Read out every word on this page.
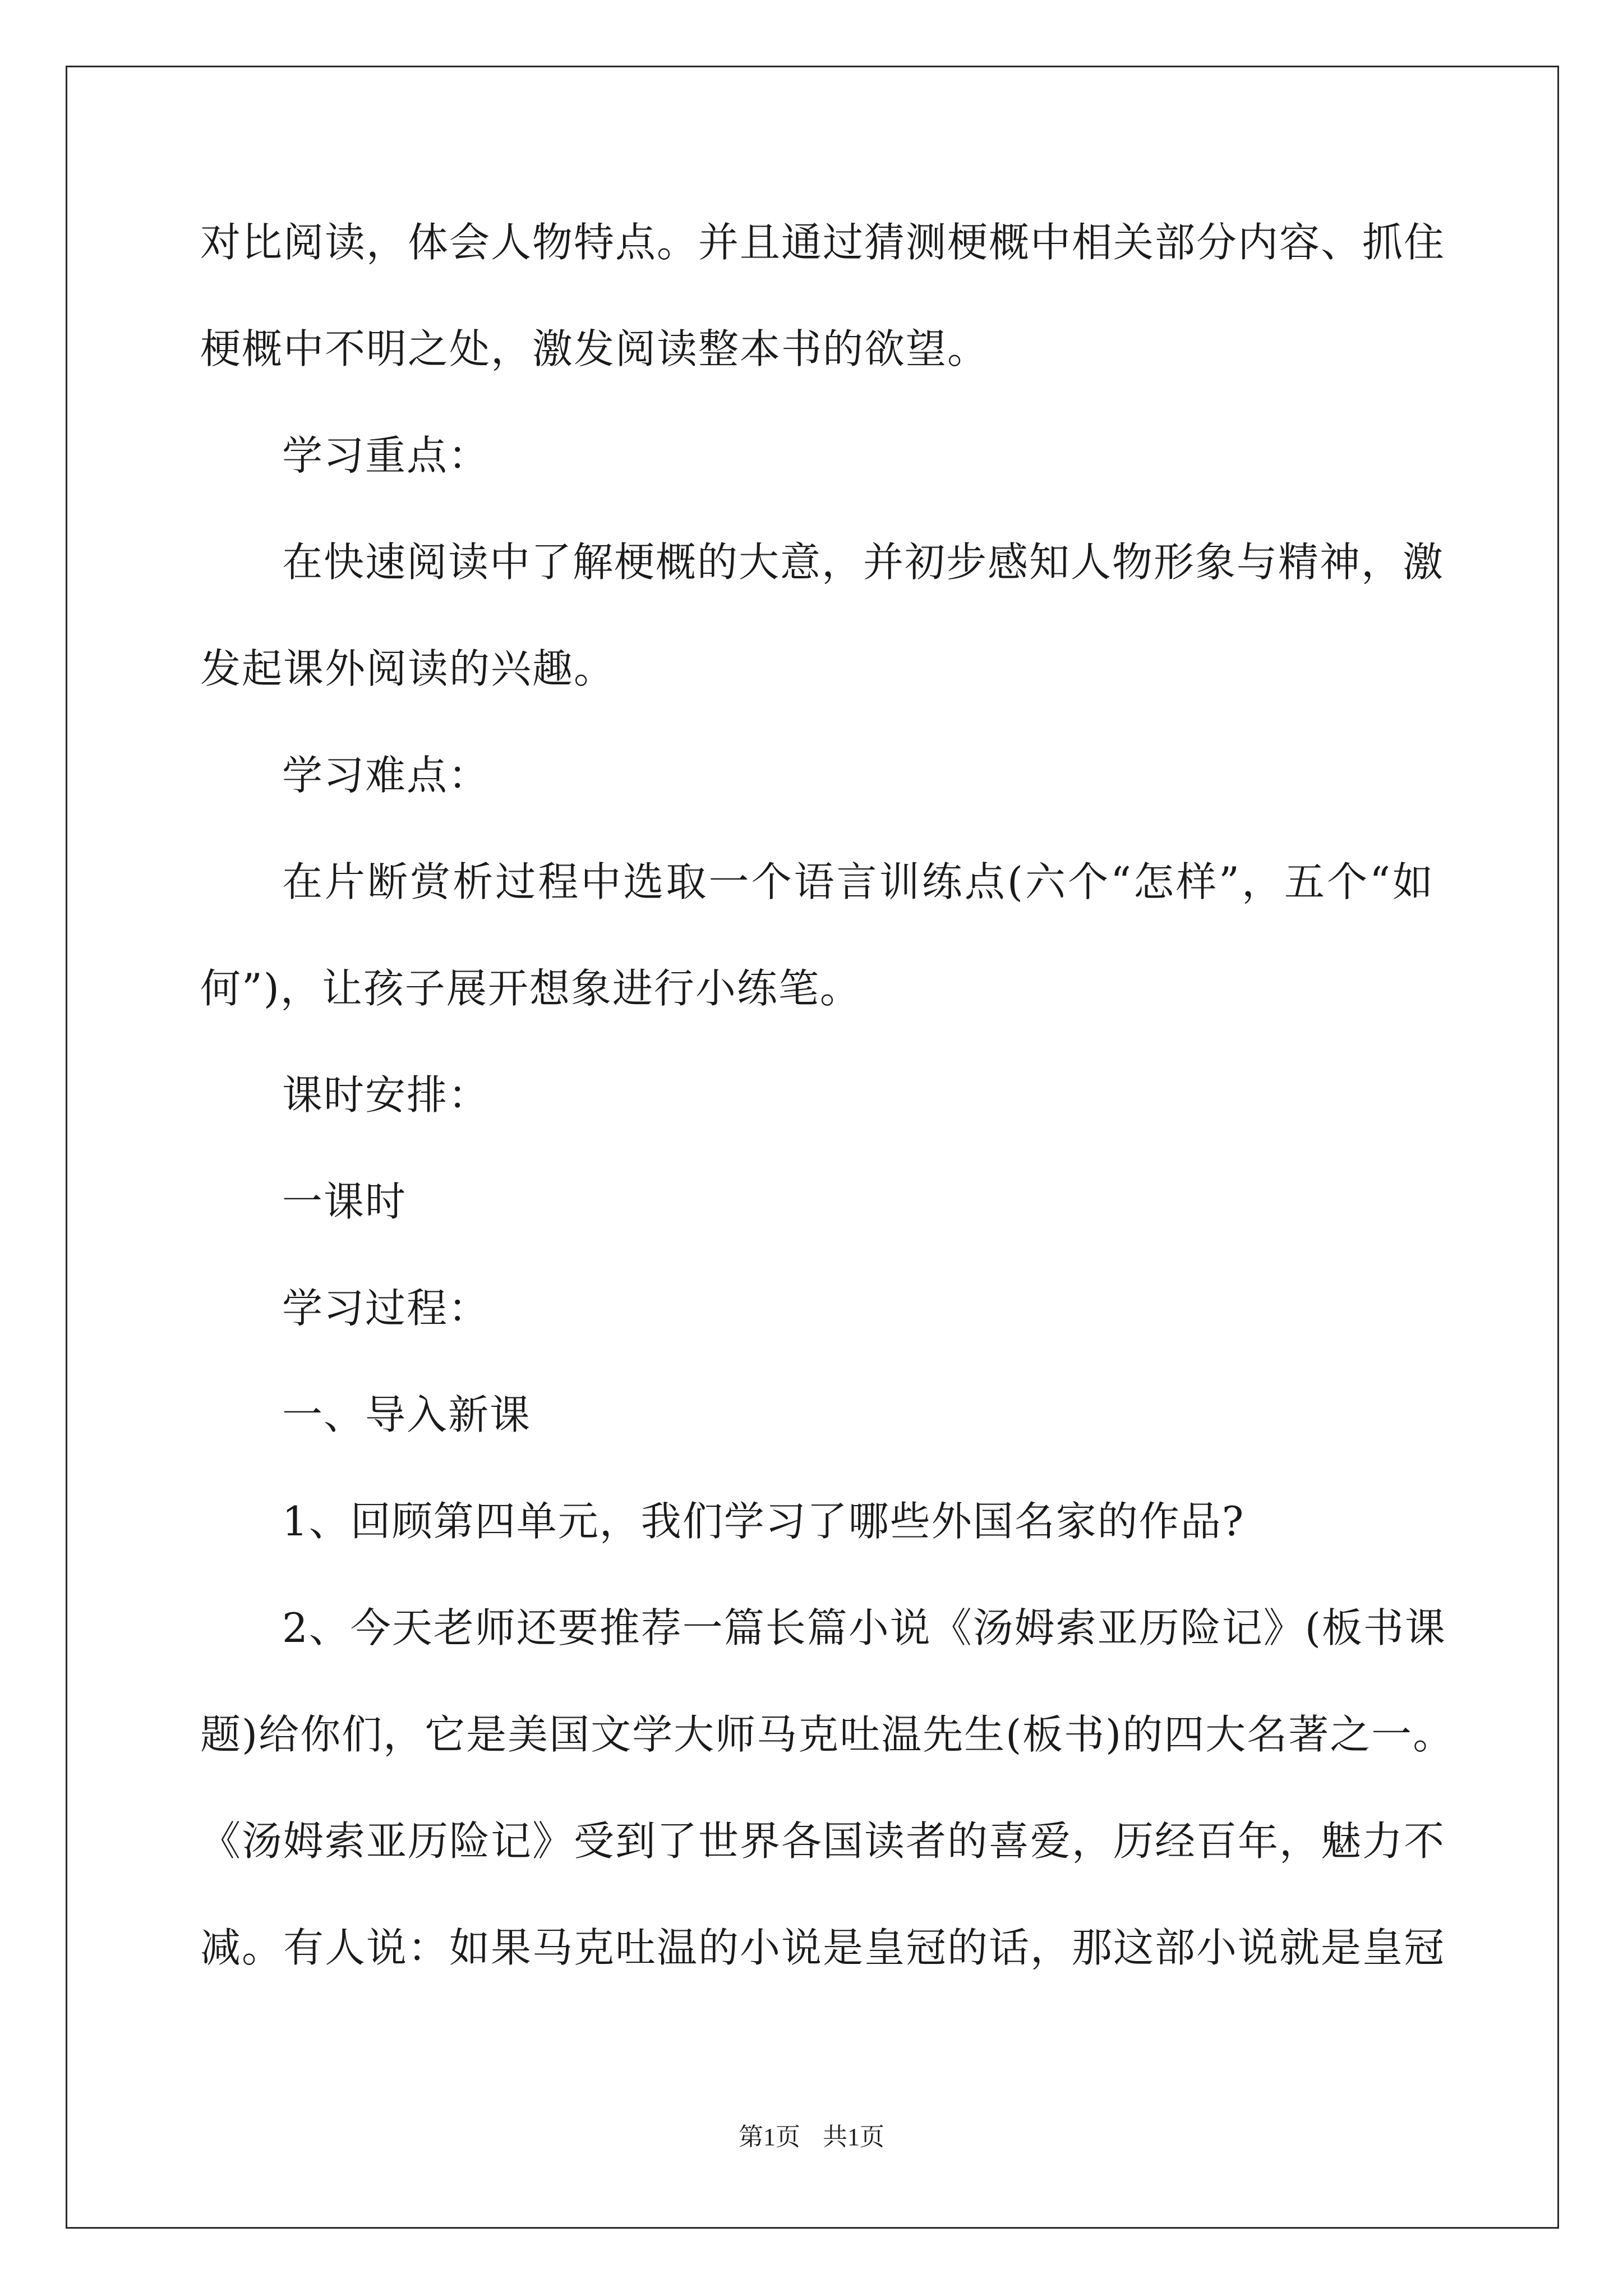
对比阅读，体会人物特点。并且通过猜测梗概中相关部分内容、抓住
梗概中不明之处，激发阅读整本书的欲望。
学习重点：
在快速阅读中了解梗概的大意，并初步感知人物形象与精神，激
发起课外阅读的兴趣。
学习难点：
在片断赏析过程中选取一个语言训练点(六个“怎样”，五个“如
何”)，让孩子展开想象进行小练笔。
课时安排：
一课时
学习过程：
一、导入新课
1、回顾第四单元，我们学习了哪些外国名家的作品?
2、今天老师还要推荐一篇长篇小说《汤姆索亚历险记》(板书课
题)给你们，它是美国文学大师马克吐温先生(板书)的四大名著之一。
《汤姆索亚历险记》受到了世界各国读者的喜爱，历经百年，魅力不
减。有人说：如果马克吐温的小说是皇冠的话，那这部小说就是皇冠
第1页 共1页
